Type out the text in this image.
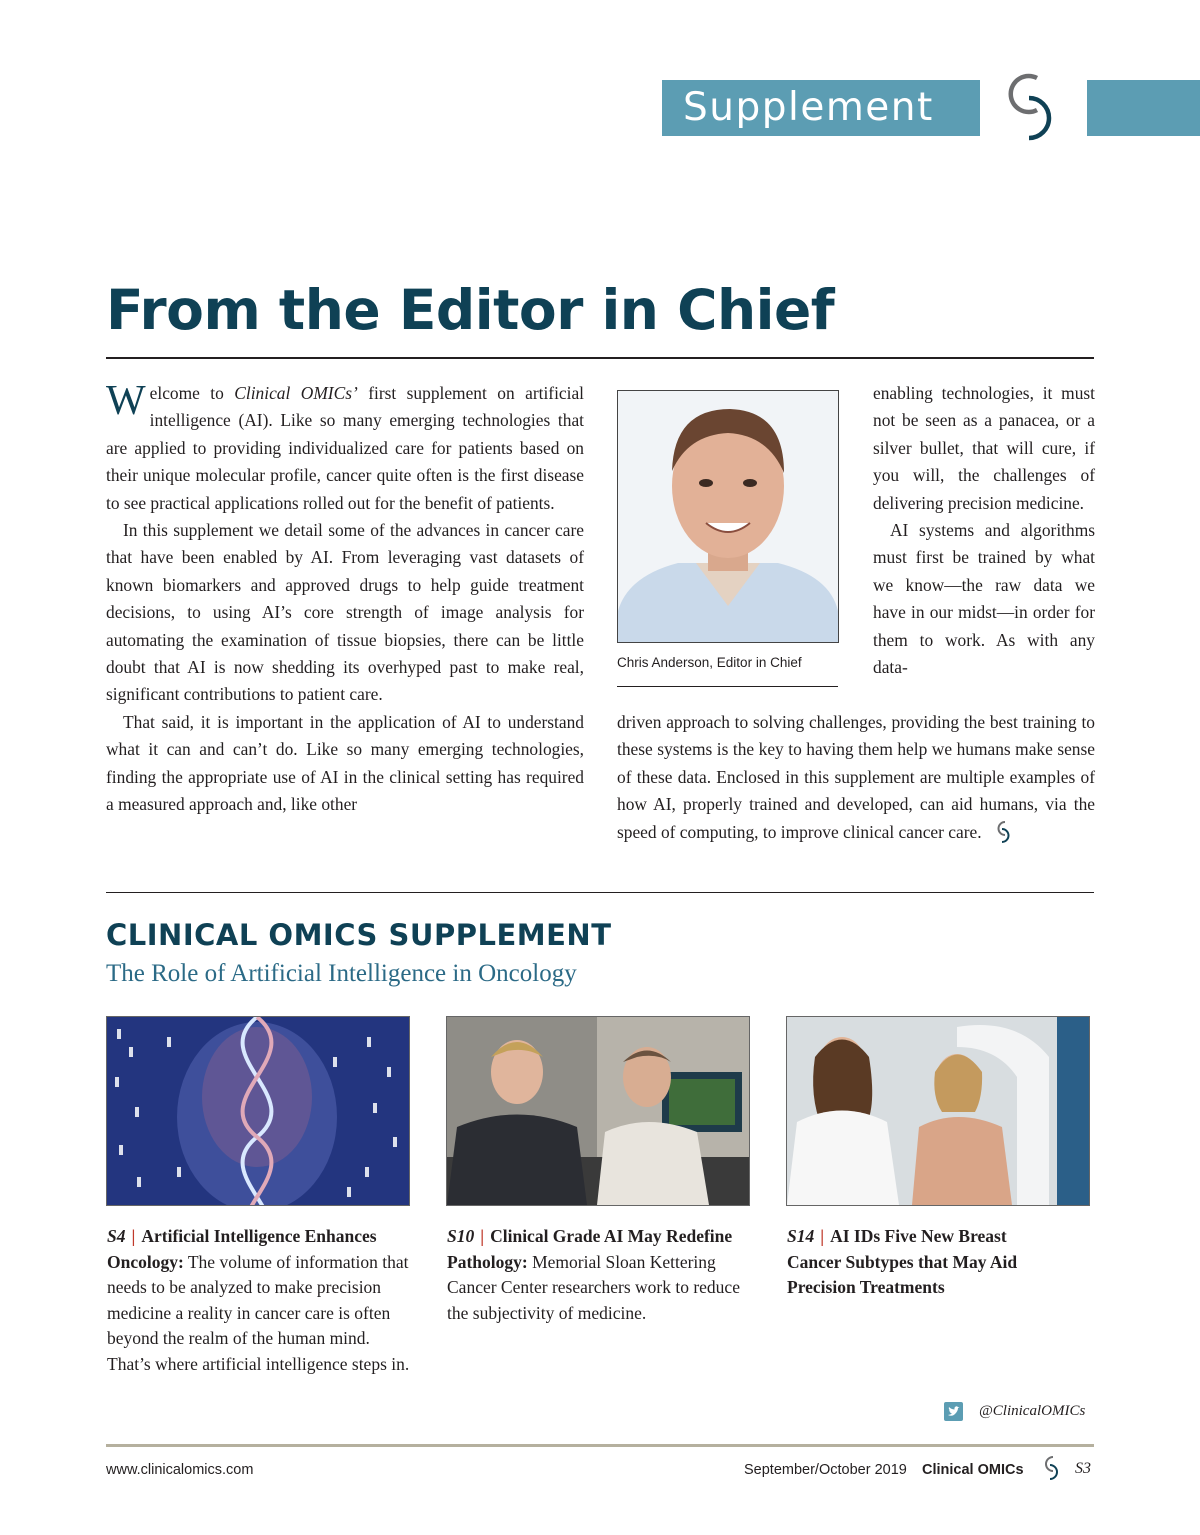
Supplement
From the Editor in Chief

Welcome to Clinical OMICs’ first supplement on artificial intelligence (AI). Like so many emerging technologies that are applied to providing individualized care for patients based on their unique molecular profile, cancer quite often is the first disease to see practical applications rolled out for the benefit of patients.

In this supplement we detail some of the advances in cancer care that have been enabled by AI. From leveraging vast datasets of known biomarkers and approved drugs to help guide treatment decisions, to using AI’s core strength of image analysis for automating the examination of tissue biopsies, there can be little doubt that AI is now shedding its overhyped past to make real, significant contributions to patient care.

That said, it is important in the application of AI to understand what it can and can’t do. Like so many emerging technologies, finding the appropriate use of AI in the clinical setting has required a measured approach and, like other

Chris Anderson, Editor in Chief

enabling technologies, it must not be seen as a panacea, or a silver bullet, that will cure, if you will, the challenges of delivering precision medicine.

AI systems and algorithms must first be trained by what we know—the raw data we have in our midst—in order for them to work. As with any data-

driven approach to solving challenges, providing the best training to these systems is the key to having them help we humans make sense of these data. Enclosed in this supplement are multiple examples of how AI, properly trained and developed, can aid humans, via the speed of computing, to improve clinical cancer care.

CLINICAL OMICS SUPPLEMENT
The Role of Artificial Intelligence in Oncology
S4 | Artificial Intelligence Enhances Oncology: The volume of information that needs to be analyzed to make precision medicine a reality in cancer care is often beyond the realm of the human mind. That’s where artificial intelligence steps in.
S10 | Clinical Grade AI May Redefine Pathology: Memorial Sloan Kettering Cancer Center researchers work to reduce the subjectivity of medicine.
S14 | AI IDs Five New Breast Cancer Subtypes that May Aid Precision Treatments
@ClinicalOMICs
www.clinicalomics.com	September/October 2019 Clinical OMICs	S3
